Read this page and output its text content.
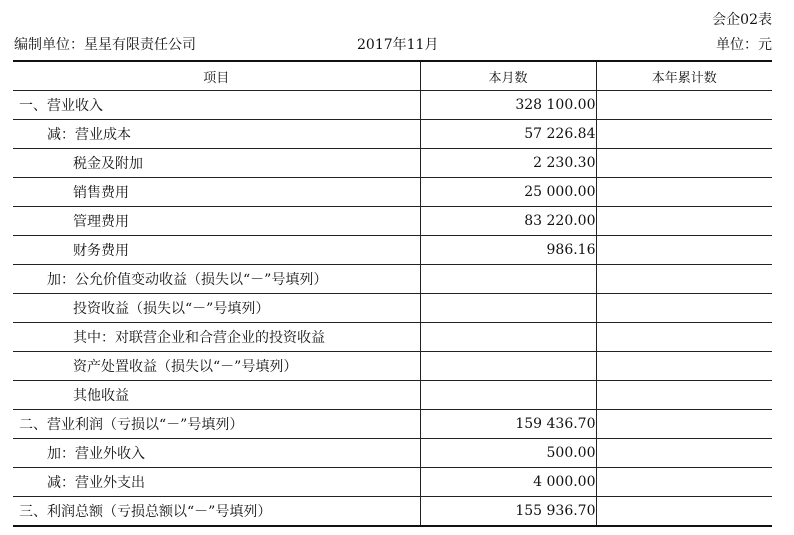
会企02表
编制单位：星星有限责任公司	2017年11月	单位：元
项目	本月数	本年累计数
一、营业收入	328 100.00	
减：营业成本	57 226.84	
税金及附加	2 230.30	
销售费用	25 000.00	
管理费用	83 220.00	
财务费用	986.16	
加：公允价值变动收益（损失以“－”号填列）		
投资收益（损失以“－”号填列）		
其中：对联营企业和合营企业的投资收益		
资产处置收益（损失以“－”号填列）		
其他收益		
二、营业利润（亏损以“－”号填列）	159 436.70	
加：营业外收入	500.00	
减：营业外支出	4 000.00	
三、利润总额（亏损总额以“－”号填列）	155 936.70	
